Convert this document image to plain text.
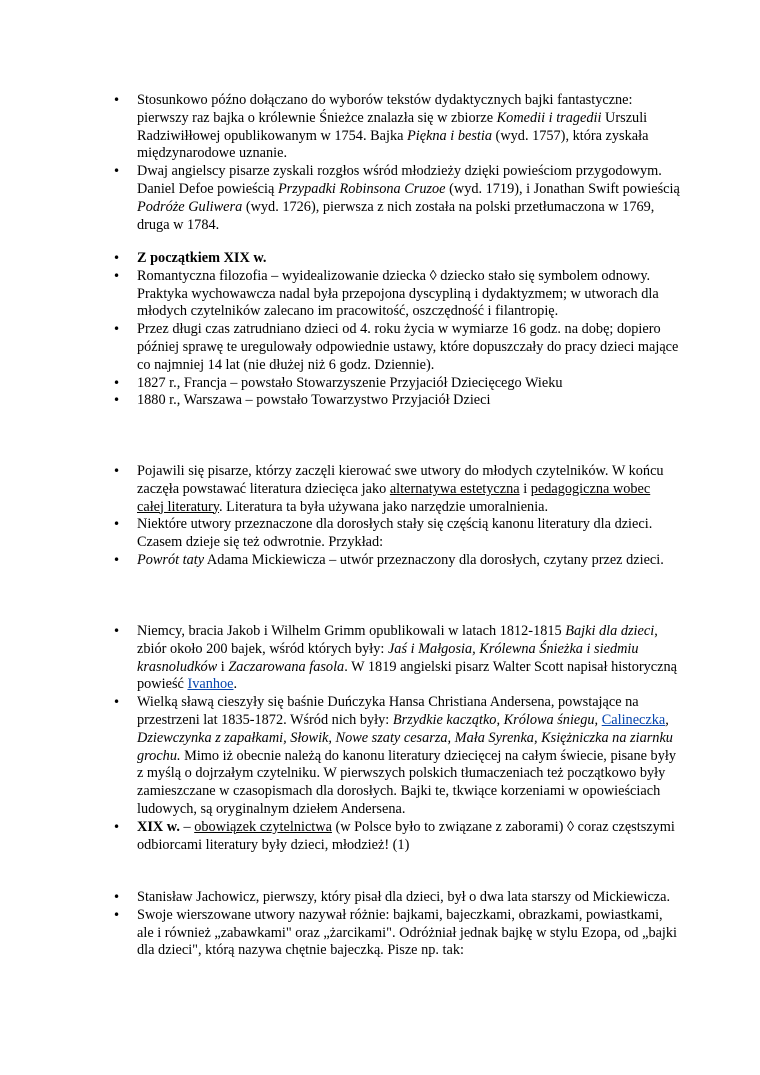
• Stosunkowo późno dołączano do wyborów tekstów dydaktycznych bajki fantastyczne: pierwszy raz bajka o królewnie Śnieżce znalazła się w zbiorze Komedii i tragedii Urszuli Radziwiłłowej opublikowanym w 1754. Bajka Piękna i bestia (wyd. 1757), która zyskała międzynarodowe uznanie.
• Dwaj angielscy pisarze zyskali rozgłos wśród młodzieży dzięki powieściom przygodowym. Daniel Defoe powieścią Przypadki Robinsona Cruzoe (wyd. 1719), i Jonathan Swift powieścią Podróże Guliwera (wyd. 1726), pierwsza z nich została na polski przetłumaczona w 1769, druga w 1784.
• Z początkiem XIX w.
• Romantyczna filozofia – wyidealizowanie dziecka ◊ dziecko stało się symbolem odnowy. Praktyka wychowawcza nadal była przepojona dyscypliną i dydaktyzmem; w utworach dla młodych czytelników zalecano im pracowitość, oszczędność i filantropię.
• Przez długi czas zatrudniano dzieci od 4. roku życia w wymiarze 16 godz. na dobę; dopiero później sprawę te uregulowały odpowiednie ustawy, które dopuszczały do pracy dzieci mające co najmniej 14 lat (nie dłużej niż 6 godz. Dziennie).
• 1827 r., Francja – powstało Stowarzyszenie Przyjaciół Dziecięcego Wieku
• 1880 r., Warszawa – powstało Towarzystwo Przyjaciół Dzieci
• Pojawili się pisarze, którzy zaczęli kierować swe utwory do młodych czytelników. W końcu zaczęła powstawać literatura dziecięca jako alternatywa estetyczna i pedagogiczna wobec całej literatury. Literatura ta była używana jako narzędzie umoralnienia.
• Niektóre utwory przeznaczone dla dorosłych stały się częścią kanonu literatury dla dzieci. Czasem dzieje się też odwrotnie. Przykład:
• Powrót taty Adama Mickiewicza – utwór przeznaczony dla dorosłych, czytany przez dzieci.
• Niemcy, bracia Jakob i Wilhelm Grimm opublikowali w latach 1812-1815 Bajki dla dzieci, zbiór około 200 bajek, wśród których były: Jaś i Małgosia, Królewna Śnieżka i siedmiu krasnoludków i Zaczarowana fasola. W 1819 angielski pisarz Walter Scott napisał historyczną powieść Ivanhoe.
• Wielką sławą cieszyły się baśnie Duńczyka Hansa Christiana Andersena, powstające na przestrzeni lat 1835-1872. Wśród nich były: Brzydkie kaczątko, Królowa śniegu, Calineczka, Dziewczynka z zapałkami, Słowik, Nowe szaty cesarza, Mała Syrenka, Księżniczka na ziarnku grochu. Mimo iż obecnie należą do kanonu literatury dziecięcej na całym świecie, pisane były z myślą o dojrzałym czytelniku. W pierwszych polskich tłumaczeniach też początkowo były zamieszczane w czasopismach dla dorosłych. Bajki te, tkwiące korzeniami w opowieściach ludowych, są oryginalnym dziełem Andersena.
• XIX w. – obowiązek czytelnictwa (w Polsce było to związane z zaborami) ◊ coraz częstszymi odbiorcami literatury były dzieci, młodzież! (1)
• Stanisław Jachowicz, pierwszy, który pisał dla dzieci, był o dwa lata starszy od Mickiewicza.
• Swoje wierszowane utwory nazywał różnie: bajkami, bajeczkami, obrazkami, powiastkami, ale i również „zabawkami" oraz „żarcikami". Odróżniał jednak bajkę w stylu Ezopa, od „bajki dla dzieci", którą nazywa chętnie bajeczką. Pisze np. tak:
